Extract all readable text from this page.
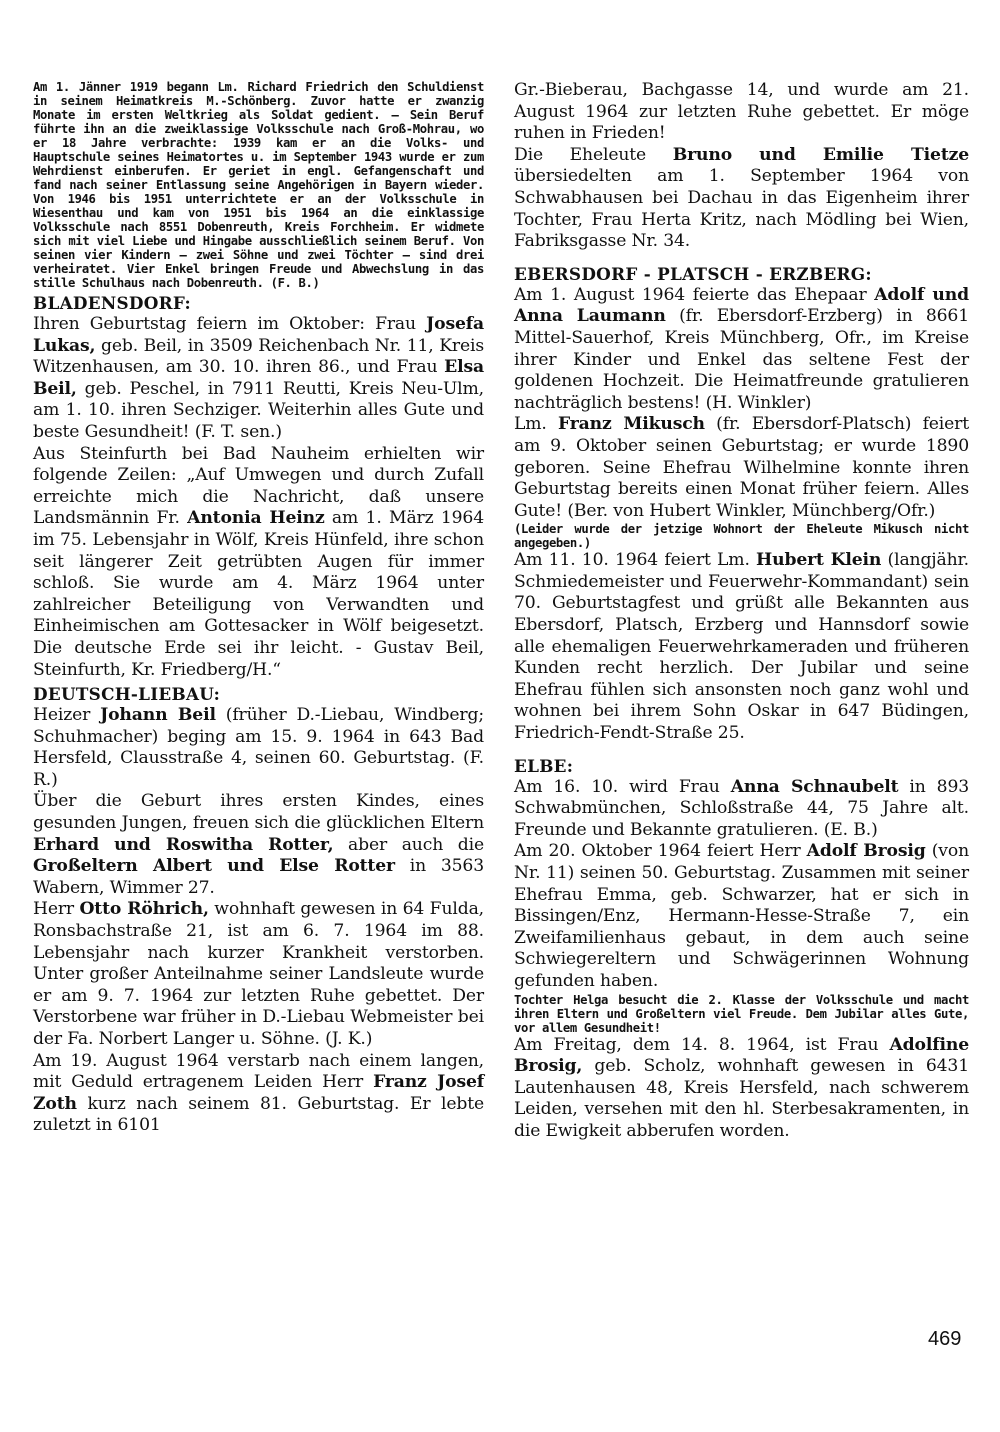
Am 1. Jänner 1919 begann Lm. Richard Friedrich den Schuldienst in seinem Heimatkreis M.-Schönberg. Zuvor hatte er zwanzig Monate im ersten Weltkrieg als Soldat gedient. — Sein Beruf führte ihn an die zweiklassige Volksschule nach Groß-Mohrau, wo er 18 Jahre verbrachte: 1939 kam er an die Volks- und Hauptschule seines Heimatortes u. im September 1943 wurde er zum Wehrdienst einberufen. Er geriet in engl. Gefangenschaft und fand nach seiner Entlassung seine Angehörigen in Bayern wieder. Von 1946 bis 1951 unterrichtete er an der Volksschule in Wiesenthau und kam von 1951 bis 1964 an die einklassige Volksschule nach 8551 Dobenreuth, Kreis Forchheim. Er widmete sich mit viel Liebe und Hingabe ausschließlich seinem Beruf. Von seinen vier Kindern — zwei Söhne und zwei Töchter — sind drei verheiratet. Vier Enkel bringen Freude und Abwechslung in das stille Schulhaus nach Dobenreuth. (F. B.)

BLADENSDORF:

Ihren Geburtstag feiern im Oktober: Frau Josefa Lukas, geb. Beil, in 3509 Reichenbach Nr. 11, Kreis Witzenhausen, am 30. 10. ihren 86., und Frau Elsa Beil, geb. Peschel, in 7911 Reutti, Kreis Neu-Ulm, am 1. 10. ihren Sechziger. Weiterhin alles Gute und beste Gesundheit! (F. T. sen.)

Aus Steinfurth bei Bad Nauheim erhielten wir folgende Zeilen: „Auf Umwegen und durch Zufall erreichte mich die Nachricht, daß unsere Landsmännin Fr. Antonia Heinz am 1. März 1964 im 75. Lebensjahr in Wölf, Kreis Hünfeld, ihre schon seit längerer Zeit getrübten Augen für immer schloß. Sie wurde am 4. März 1964 unter zahlreicher Beteiligung von Verwandten und Einheimischen am Gottesacker in Wölf beigesetzt. Die deutsche Erde sei ihr leicht. - Gustav Beil, Steinfurth, Kr. Friedberg/H.“

DEUTSCH-LIEBAU:

Heizer Johann Beil (früher D.-Liebau, Windberg; Schuhmacher) beging am 15. 9. 1964 in 643 Bad Hersfeld, Clausstraße 4, seinen 60. Geburtstag. (F. R.)

Über die Geburt ihres ersten Kindes, eines gesunden Jungen, freuen sich die glücklichen Eltern Erhard und Roswitha Rotter, aber auch die Großeltern Albert und Else Rotter in 3563 Wabern, Wimmer 27.

Herr Otto Röhrich, wohnhaft gewesen in 64 Fulda, Ronsbachstraße 21, ist am 6. 7. 1964 im 88. Lebensjahr nach kurzer Krankheit verstorben. Unter großer Anteilnahme seiner Landsleute wurde er am 9. 7. 1964 zur letzten Ruhe gebettet. Der Verstorbene war früher in D.-Liebau Webmeister bei der Fa. Norbert Langer u. Söhne. (J. K.)

Am 19. August 1964 verstarb nach einem langen, mit Geduld ertragenem Leiden Herr Franz Josef Zoth kurz nach seinem 81. Geburtstag. Er lebte zuletzt in 6101

Gr.-Bieberau, Bachgasse 14, und wurde am 21. August 1964 zur letzten Ruhe gebettet. Er möge ruhen in Frieden!

Die Eheleute Bruno und Emilie Tietze übersiedelten am 1. September 1964 von Schwabhausen bei Dachau in das Eigenheim ihrer Tochter, Frau Herta Kritz, nach Mödling bei Wien, Fabriksgasse Nr. 34.

EBERSDORF - PLATSCH - ERZBERG:

Am 1. August 1964 feierte das Ehepaar Adolf und Anna Laumann (fr. Ebersdorf-Erzberg) in 8661 Mittel-Sauerhof, Kreis Münchberg, Ofr., im Kreise ihrer Kinder und Enkel das seltene Fest der goldenen Hochzeit. Die Heimatfreunde gratulieren nachträglich bestens! (H. Winkler)

Lm. Franz Mikusch (fr. Ebersdorf-Platsch) feiert am 9. Oktober seinen Geburtstag; er wurde 1890 geboren. Seine Ehefrau Wilhelmine konnte ihren Geburtstag bereits einen Monat früher feiern. Alles Gute! (Ber. von Hubert Winkler, Münchberg/Ofr.)

(Leider wurde der jetzige Wohnort der Eheleute Mikusch nicht angegeben.)

Am 11. 10. 1964 feiert Lm. Hubert Klein (langjähr. Schmiedemeister und Feuerwehr-Kommandant) sein 70. Geburtstagfest und grüßt alle Bekannten aus Ebersdorf, Platsch, Erzberg und Hannsdorf sowie alle ehemaligen Feuerwehrkameraden und früheren Kunden recht herzlich. Der Jubilar und seine Ehefrau fühlen sich ansonsten noch ganz wohl und wohnen bei ihrem Sohn Oskar in 647 Büdingen, Friedrich-Fendt-Straße 25.

ELBE:

Am 16. 10. wird Frau Anna Schnaubelt in 893 Schwabmünchen, Schloßstraße 44, 75 Jahre alt. Freunde und Bekannte gratulieren. (E. B.)

Am 20. Oktober 1964 feiert Herr Adolf Brosig (von Nr. 11) seinen 50. Geburtstag. Zusammen mit seiner Ehefrau Emma, geb. Schwarzer, hat er sich in Bissingen/Enz, Hermann-Hesse-Straße 7, ein Zweifamilienhaus gebaut, in dem auch seine Schwiegereltern und Schwägerinnen Wohnung gefunden haben.

Tochter Helga besucht die 2. Klasse der Volksschule und macht ihren Eltern und Großeltern viel Freude. Dem Jubilar alles Gute, vor allem Gesundheit!

Am Freitag, dem 14. 8. 1964, ist Frau Adolfine Brosig, geb. Scholz, wohnhaft gewesen in 6431 Lautenhausen 48, Kreis Hersfeld, nach schwerem Leiden, versehen mit den hl. Sterbesakramenten, in die Ewigkeit abberufen worden.

469
